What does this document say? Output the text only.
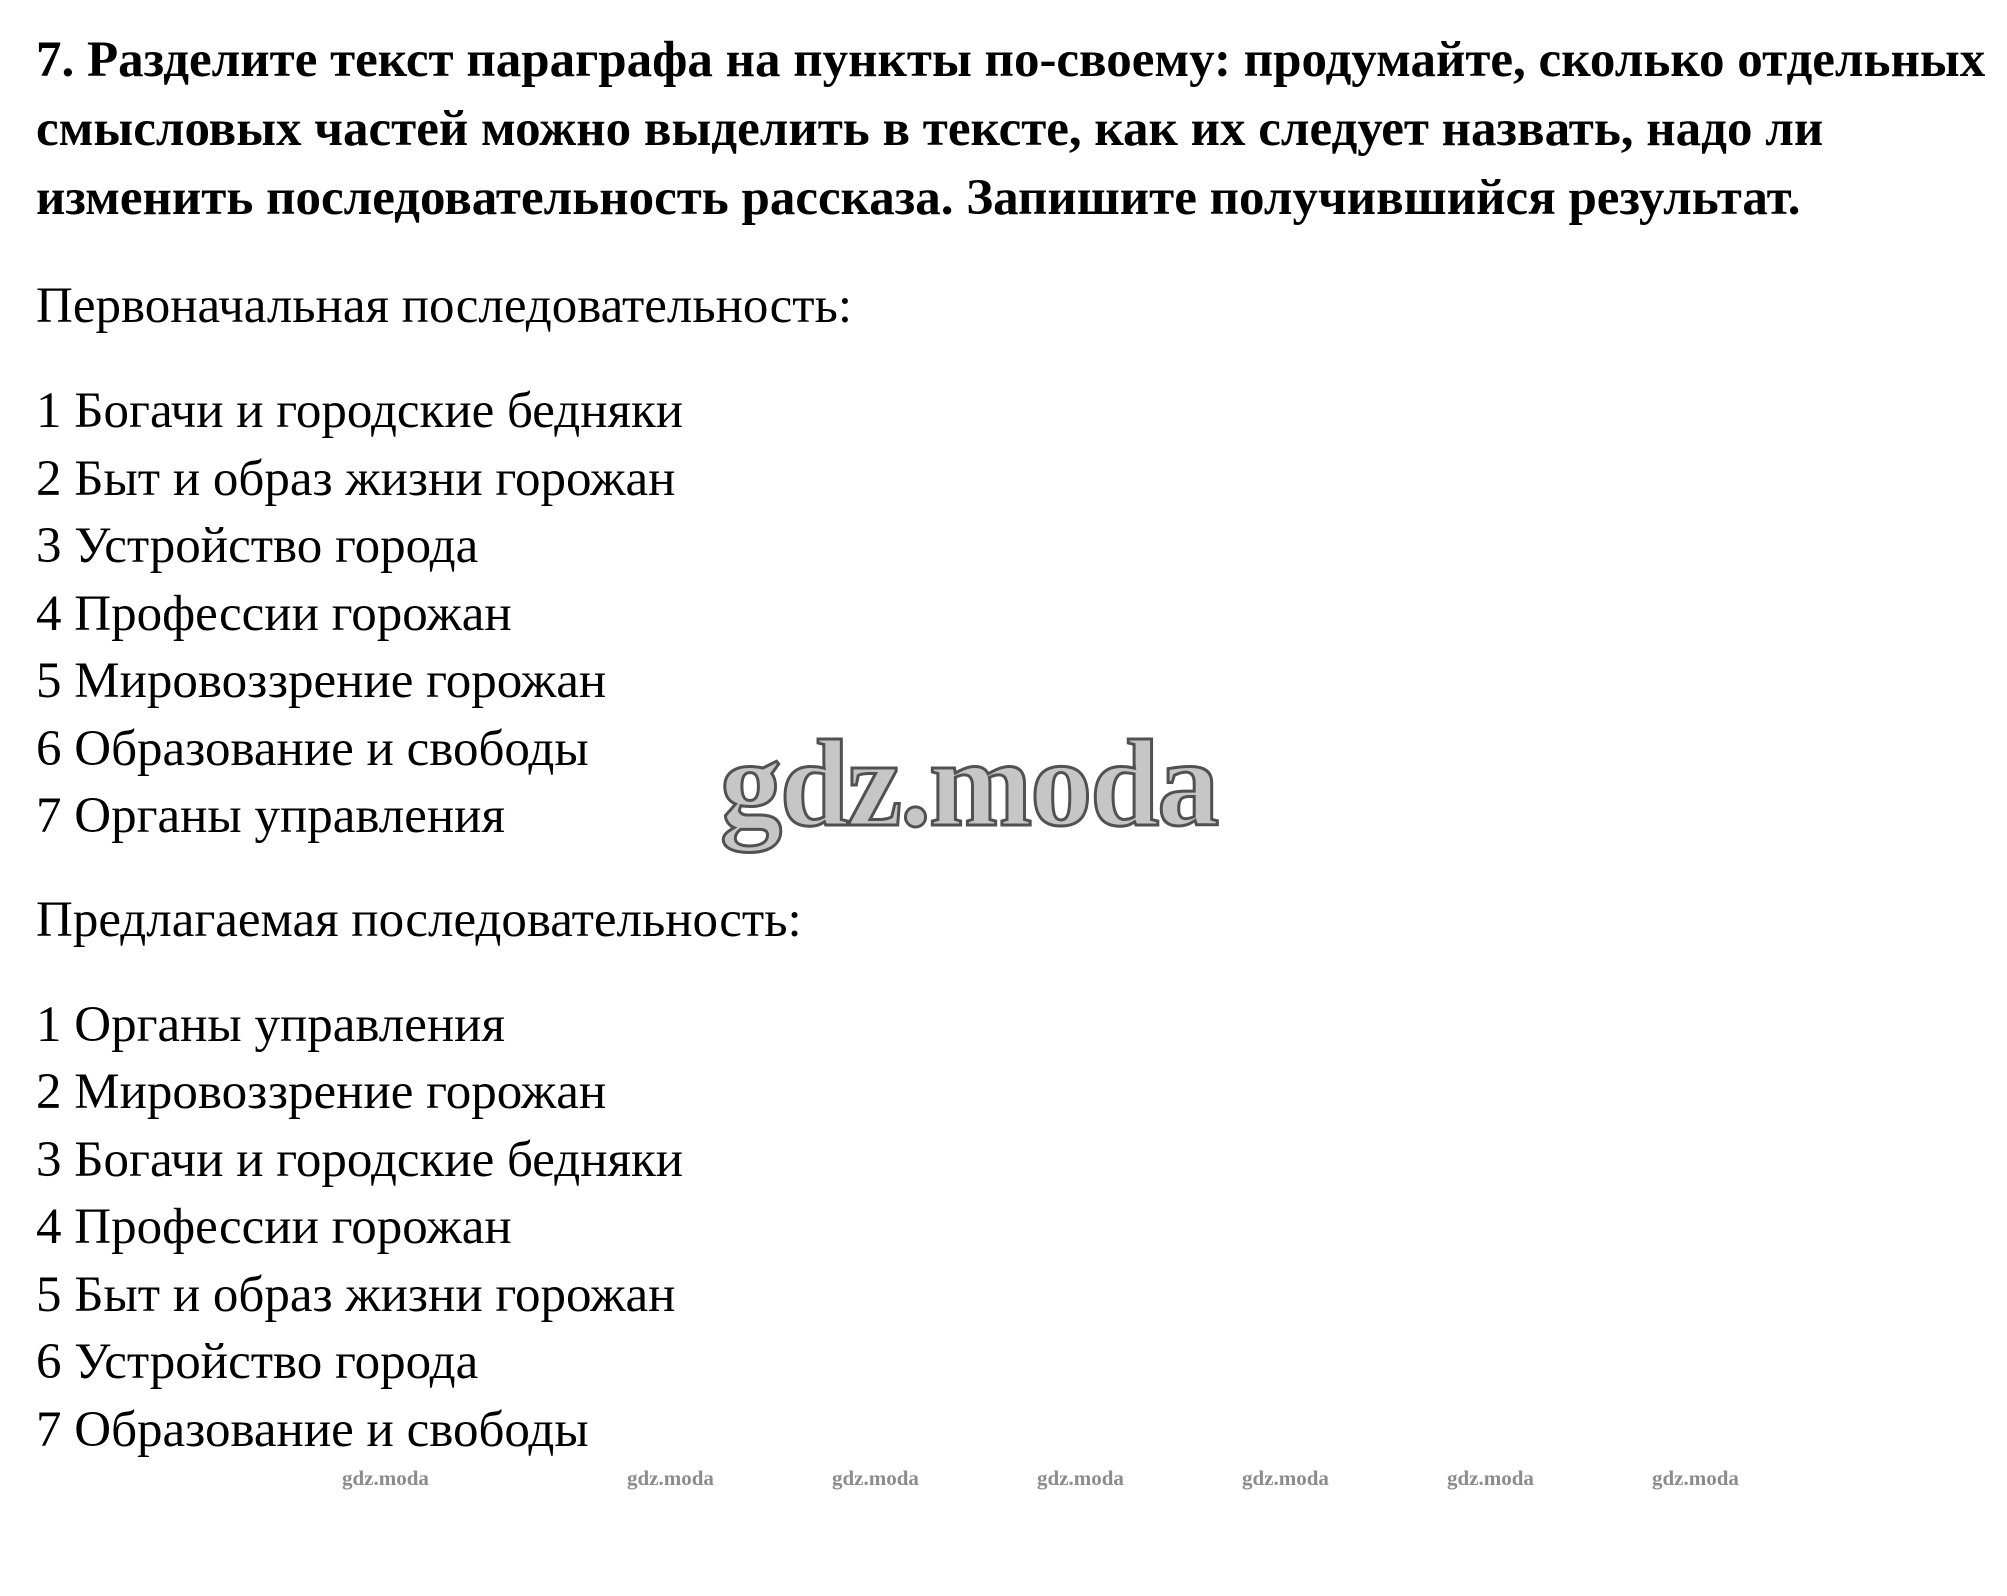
7. Разделите текст параграфа на пункты по-своему: продумайте, сколько отдельных смысловых частей можно выделить в тексте, как их следует назвать, надо ли изменить последовательность рассказа. Запишите получившийся результат.

Первоначальная последовательность:

1 Богачи и городские бедняки
2 Быт и образ жизни горожан
3 Устройство города
4 Профессии горожан
5 Мировоззрение горожан
6 Образование и свободы
7 Органы управления

Предлагаемая последовательность:

1 Органы управления
2 Мировоззрение горожан
3 Богачи и городские бедняки
4 Профессии горожан
5 Быт и образ жизни горожан
6 Устройство города
7 Образование и свободы
gdz.moda
gdz.moda	gdz.moda	gdz.moda	gdz.moda	gdz.moda	gdz.moda	gdz.moda
